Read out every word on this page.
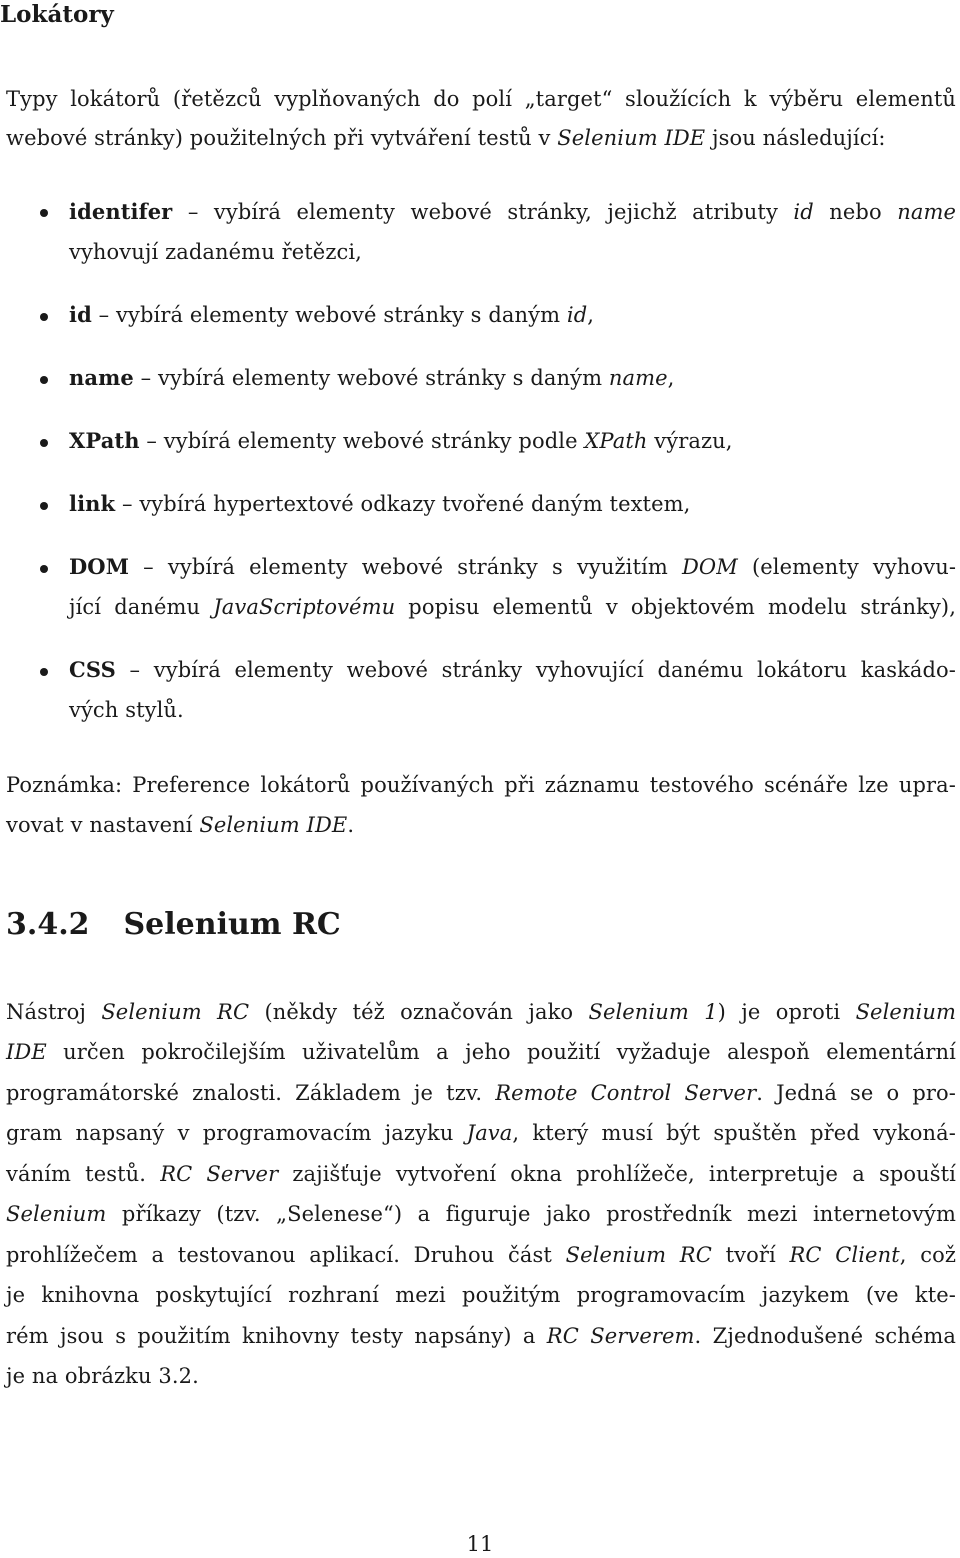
Lokátory
Typy lokátorů (řetězců vyplňovaných do polí „target“ sloužících k výběru elementů
webové stránky) použitelných při vytváření testů v Selenium IDE jsou následující:
identifer – vybírá elementy webové stránky, jejichž atributy id nebo name
vyhovují zadanému řetězci,
id – vybírá elementy webové stránky s daným id,
name – vybírá elementy webové stránky s daným name,
XPath – vybírá elementy webové stránky podle XPath výrazu,
link – vybírá hypertextové odkazy tvořené daným textem,
DOM – vybírá elementy webové stránky s využitím DOM (elementy vyhovu-
jící danému JavaScriptovému popisu elementů v objektovém modelu stránky),
CSS – vybírá elementy webové stránky vyhovující danému lokátoru kaskádo-
vých stylů.
Poznámka: Preference lokátorů používaných při záznamu testového scénáře lze upra-
vovat v nastavení Selenium IDE.
3.4.2 Selenium RC
Nástroj Selenium RC (někdy též označován jako Selenium 1) je oproti Selenium
IDE určen pokročilejším uživatelům a jeho použití vyžaduje alespoň elementární
programátorské znalosti. Základem je tzv. Remote Control Server. Jedná se o pro-
gram napsaný v programovacím jazyku Java, který musí být spuštěn před vykoná-
váním testů. RC Server zajišťuje vytvoření okna prohlížeče, interpretuje a spouští
Selenium příkazy (tzv. „Selenese“) a figuruje jako prostředník mezi internetovým
prohlížečem a testovanou aplikací. Druhou část Selenium RC tvoří RC Client, což
je knihovna poskytující rozhraní mezi použitým programovacím jazykem (ve kte-
rém jsou s použitím knihovny testy napsány) a RC Serverem. Zjednodušené schéma
je na obrázku 3.2.
11
